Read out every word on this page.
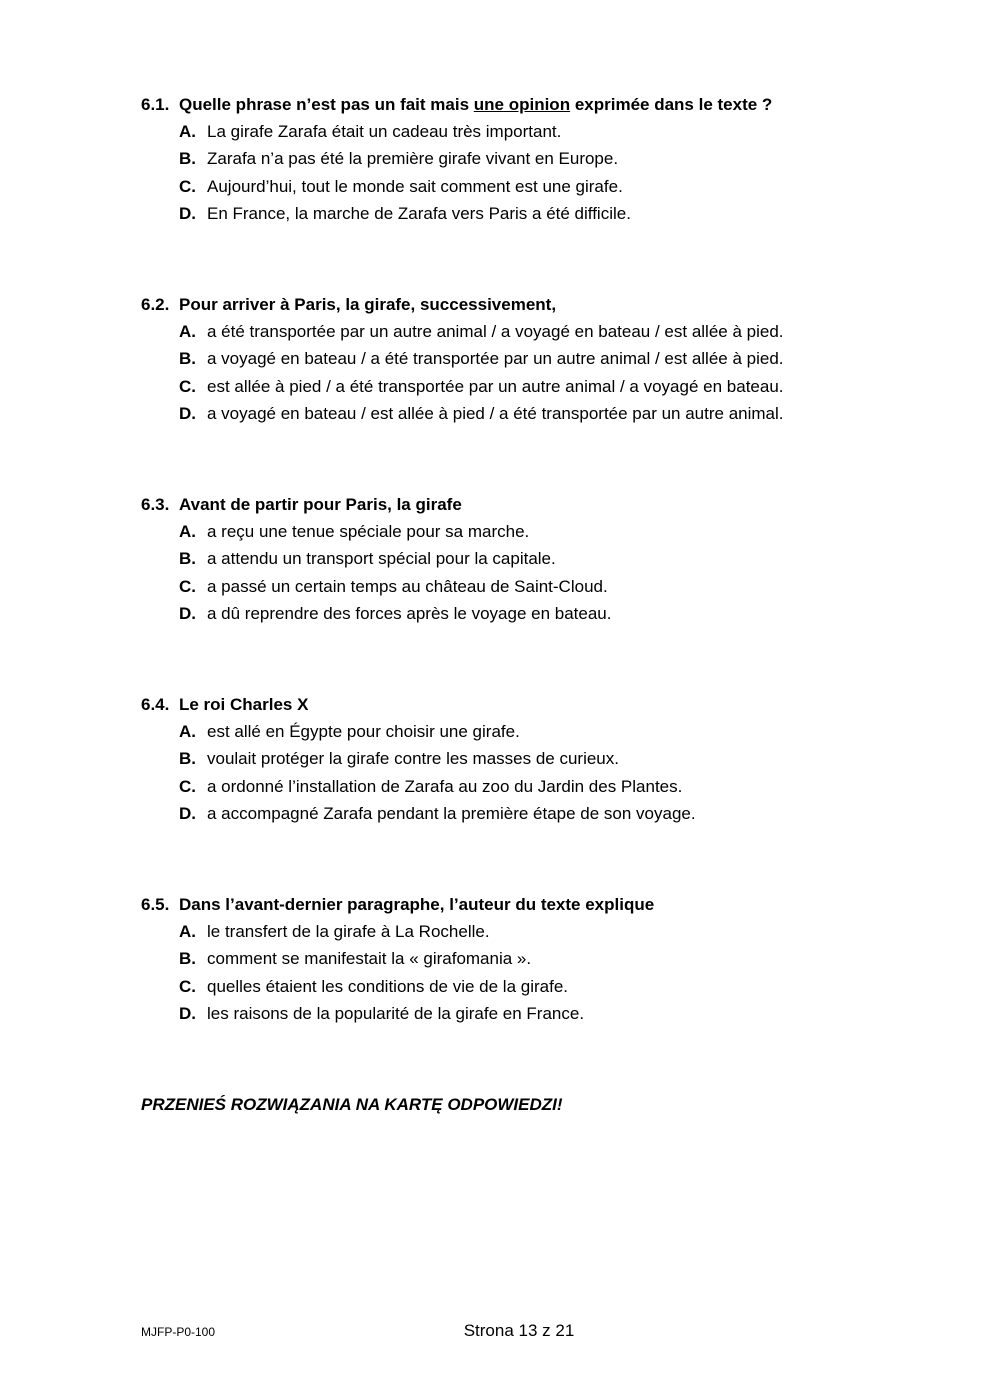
6.1. Quelle phrase n’est pas un fait mais une opinion exprimée dans le texte ?
A. La girafe Zarafa était un cadeau très important.
B. Zarafa n’a pas été la première girafe vivant en Europe.
C. Aujourd’hui, tout le monde sait comment est une girafe.
D. En France, la marche de Zarafa vers Paris a été difficile.
6.2. Pour arriver à Paris, la girafe, successivement,
A. a été transportée par un autre animal / a voyagé en bateau / est allée à pied.
B. a voyagé en bateau / a été transportée par un autre animal / est allée à pied.
C. est allée à pied / a été transportée par un autre animal / a voyagé en bateau.
D. a voyagé en bateau / est allée à pied / a été transportée par un autre animal.
6.3. Avant de partir pour Paris, la girafe
A. a reçu une tenue spéciale pour sa marche.
B. a attendu un transport spécial pour la capitale.
C. a passé un certain temps au château de Saint-Cloud.
D. a dû reprendre des forces après le voyage en bateau.
6.4. Le roi Charles X
A. est allé en Égypte pour choisir une girafe.
B. voulait protéger la girafe contre les masses de curieux.
C. a ordonné l’installation de Zarafa au zoo du Jardin des Plantes.
D. a accompagné Zarafa pendant la première étape de son voyage.
6.5. Dans l’avant-dernier paragraphe, l’auteur du texte explique
A. le transfert de la girafe à La Rochelle.
B. comment se manifestait la « girafomania ».
C. quelles étaient les conditions de vie de la girafe.
D. les raisons de la popularité de la girafe en France.
PRZENIEŚ ROZWIĄZANIA NA KARTĘ ODPOWIEDZI!
MJFP-P0-100	Strona 13 z 21
